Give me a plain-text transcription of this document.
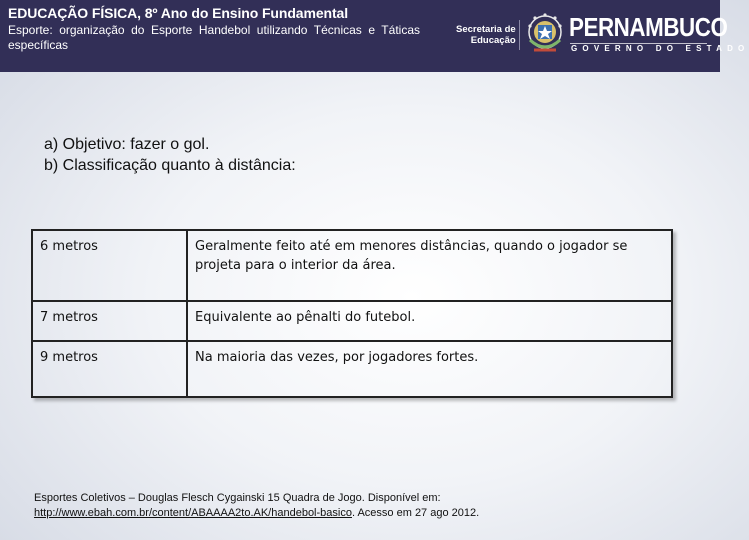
EDUCAÇÃO FÍSICA, 8º Ano do Ensino Fundamental
Esporte: organização do Esporte Handebol utilizando Técnicas e Táticas específicas
Secretaria de
Educação PERNAMBUCO
GOVERNO DO ESTADO
a) Objetivo: fazer o gol.
b) Classificação quanto à distância:
6 metros	Geralmente feito até em menores distâncias, quando o jogador se projeta para o interior da área.
7 metros	Equivalente ao pênalti do futebol.
9 metros	Na maioria das vezes, por jogadores fortes.
Esportes Coletivos – Douglas Flesch Cygainski 15 Quadra de Jogo. Disponível em:
http://www.ebah.com.br/content/ABAAAA2to.AK/handebol-basico. Acesso em 27 ago 2012.
